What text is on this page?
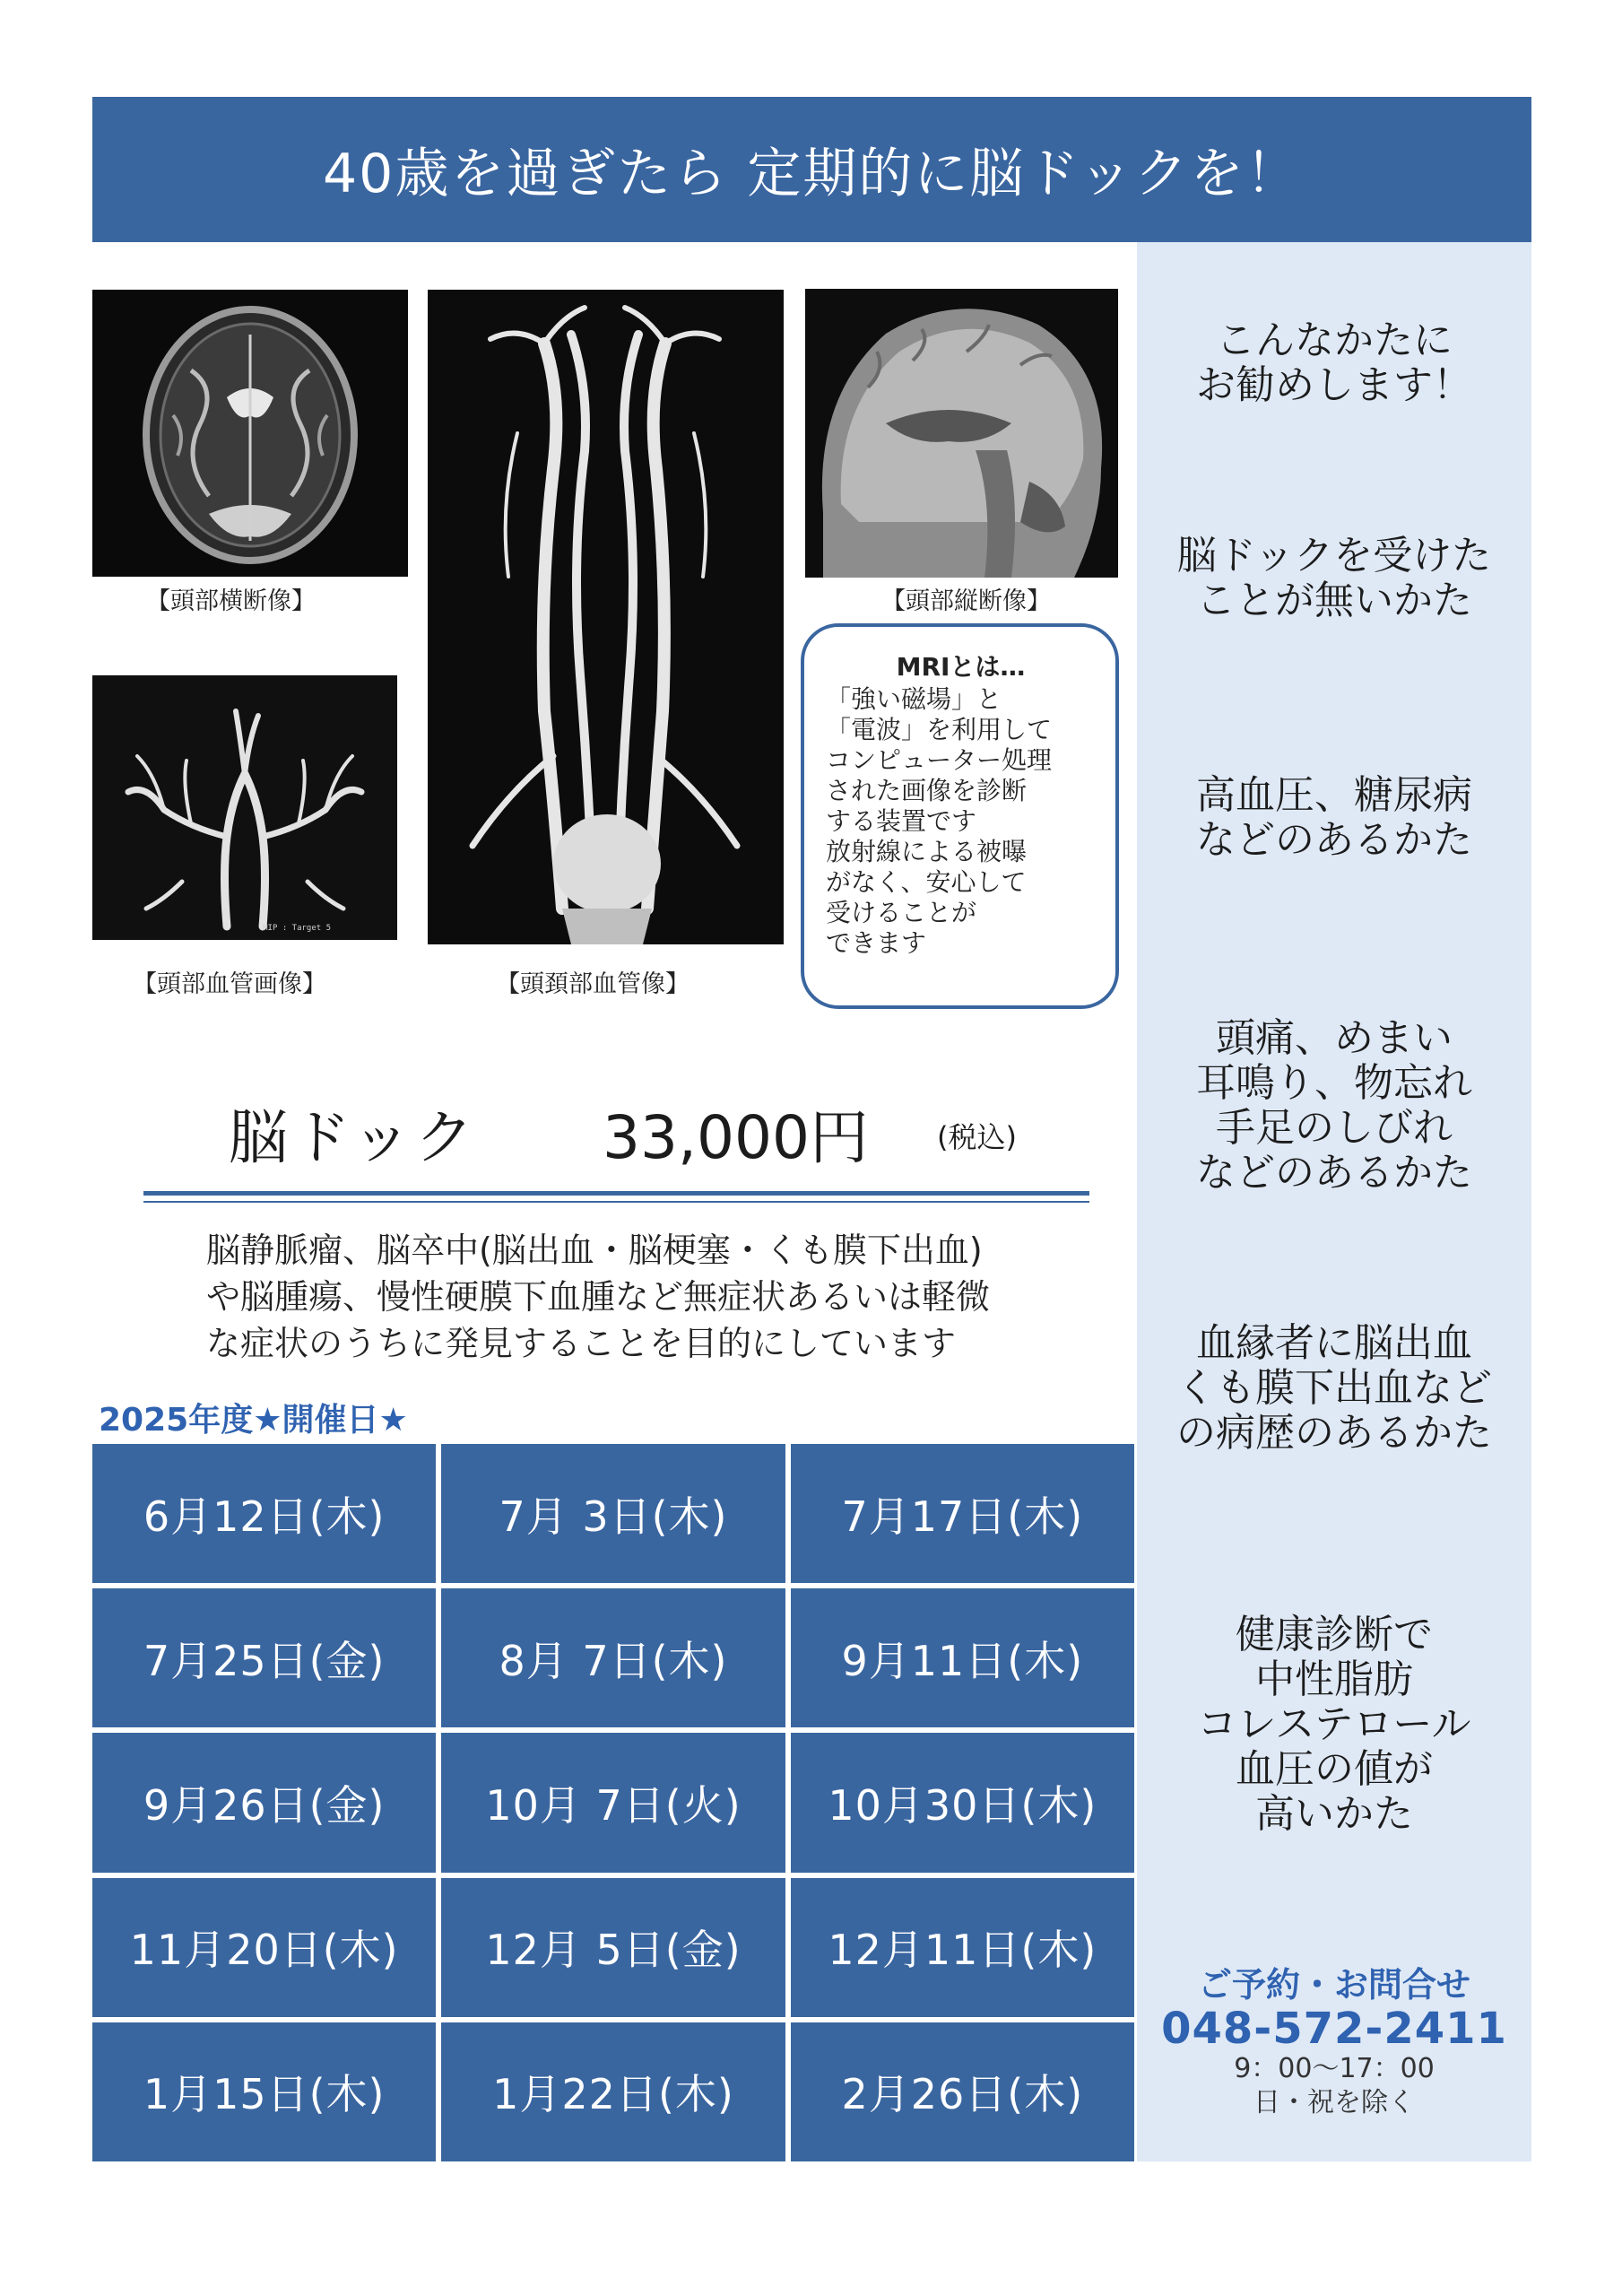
40歳を過ぎたら 定期的に脳ドックを！
こんなかたに
お勧めします！
脳ドックを受けた
ことが無いかた
高血圧、糖尿病
などのあるかた
頭痛、めまい
耳鳴り、物忘れ
手足のしびれ
などのあるかた
血縁者に脳出血
くも膜下出血など
の病歴のあるかた
健康診断で
中性脂肪
コレステロール
血圧の値が
高いかた
ご予約・お問合せ
048-572-2411
9：00〜17：00
日・祝を除く
【頭部横断像】
【頭頚部血管像】
【頭部縦断像】
MIP : Target 5
【頭部血管画像】
MRIとは…
「強い磁場」と
「電波」を利用して
コンピューター処理
された画像を診断
する装置です
放射線による被曝
がなく、安心して
受けることが
できます
脳ドック 33,000円 (税込)
脳静脈瘤、脳卒中(脳出血・脳梗塞・くも膜下出血)
や脳腫瘍、慢性硬膜下血腫など無症状あるいは軽微
な症状のうちに発見することを目的にしています
2025年度★開催日★
6月12日(木)	7月 3日(木)	7月17日(木)
7月25日(金)	8月 7日(木)	9月11日(木)
9月26日(金)	10月 7日(火)	10月30日(木)
11月20日(木)	12月 5日(金)	12月11日(木)
1月15日(木)	1月22日(木)	2月26日(木)
